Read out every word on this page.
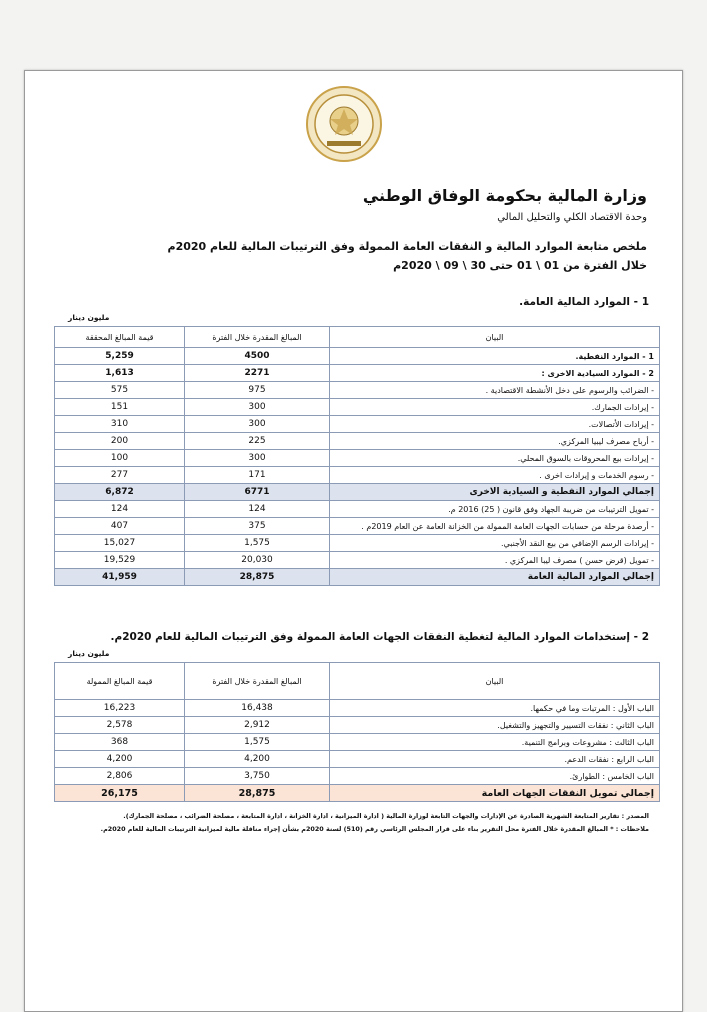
وزارة المالية بحكومة الوفاق الوطني
وحدة الاقتصاد الكلي والتحليل المالي
ملخص متابعة الموارد المالية و النفقات العامة الممولة وفق الترتيبات المالية للعام 2020م
خلال الفترة من 01 \ 01 حتى 30 \ 09 \ 2020م
1 - الموارد المالية العامة.
مليون دينار
البيان	المبالغ المقدرة خلال الفترة	قيمة المبالغ المحققة
1 - الموارد النفطية.	4500	5,259
2 - الموارد السيادية الاخرى :	2271	1,613
- الضرائب والرسوم على دخل الأنشطة الاقتصادية .	975	575
- إيرادات الجمارك.	300	151
- إيرادات الأتصالات.	300	310
- أرباح مصرف ليبيا المركزي.	225	200
- إيرادات بيع المحروقات بالسوق المحلي.	300	100
- رسوم الخدمات و إيرادات اخرى .	171	277
إجمالي الموارد النفطية و السيادية الاخرى	6771	6,872
- تمويل الترتيبات من ضريبة الجهاد وفق قانون ( 25) 2016 م.	124	124
- أرصدة مرحلة من حسابات الجهات العامة الممولة من الخزانة العامة عن العام 2019م .	375	407
- إيرادات الرسم الإضافي من بيع النقد الأجنبي.	1,575	15,027
- تمويل (قرض حسن ) مصرف ليبا المركزي .	20,030	19,529
إجمالي الموارد المالية العامة	28,875	41,959
2 - إستخدامات الموارد المالية لتغطية النفقات الجهات العامة الممولة وفق الترتيبات المالية للعام 2020م.
مليون دينار
البيان	المبالغ المقدرة خلال الفترة	قيمة المبالغ الممولة
الباب الأول : المرتبات وما في حكمها.	16,438	16,223
الباب الثاني : نفقات التسيير والتجهيز والتشغيل.	2,912	2,578
الباب الثالث : مشروعات وبرامج التنمية.	1,575	368
الباب الرابع : نفقات الدعم.	4,200	4,200
الباب الخامس : الطوارئ.	3,750	2,806
إجمالي تمويل النفقات الجهات العامة	28,875	26,175
المصدر : تقارير المتابعة الشهرية الصادرة عن الإدارات والجهات التابعة لوزارة المالية ( ادارة الميزانية ، ادارة الخزانة ، ادارة المتابعة ، مصلحة الضرائب ، مصلحة الجمارك).
ملاحظات : * المبالغ المقدرة خلال الفترة محل التقرير بناء على قرار المجلس الرئاسي رقم (510) لسنة 2020م بشأن إجراء مناقلة مالية لميزانية الترتيبات المالية للعام 2020م.
